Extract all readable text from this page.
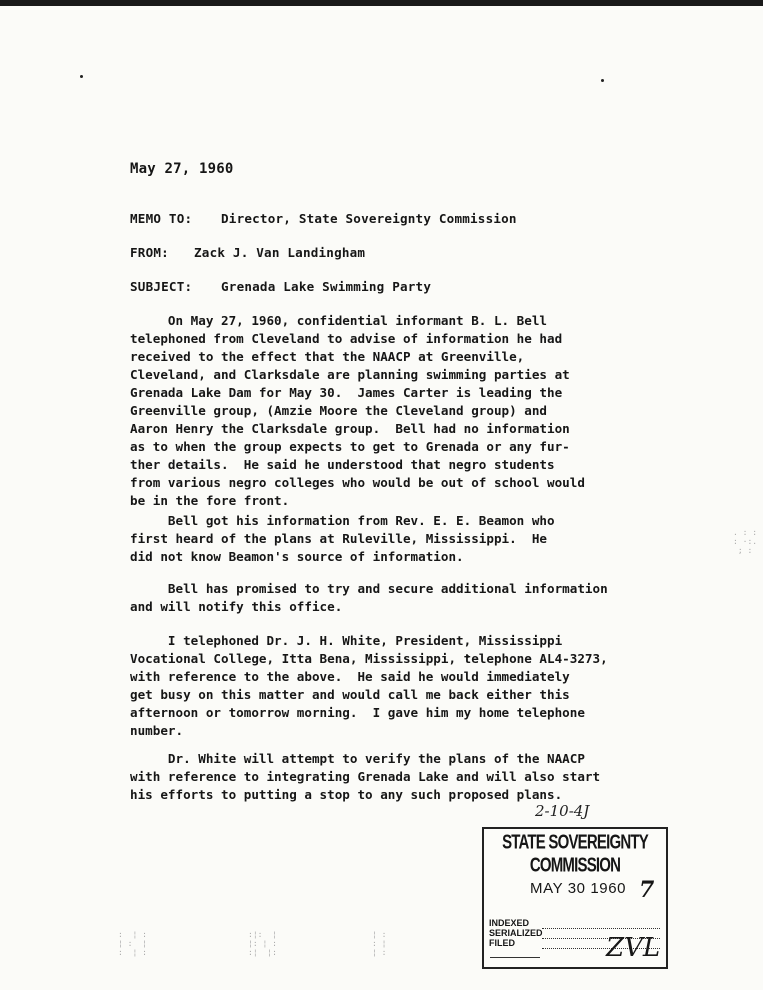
May 27, 1960
MEMO TO: Director, State Sovereignty Commission
FROM: Zack J. Van Landingham
SUBJECT: Grenada Lake Swimming Party
On May 27, 1960, confidential informant B. L. Bell
telephoned from Cleveland to advise of information he had
received to the effect that the NAACP at Greenville,
Cleveland, and Clarksdale are planning swimming parties at
Grenada Lake Dam for May 30.  James Carter is leading the
Greenville group, (Amzie Moore the Cleveland group) and
Aaron Henry the Clarksdale group.  Bell had no information
as to when the group expects to get to Grenada or any fur-
ther details.  He said he understood that negro students
from various negro colleges who would be out of school would
be in the fore front.
Bell got his information from Rev. E. E. Beamon who
first heard of the plans at Ruleville, Mississippi.  He
did not know Beamon's source of information.
Bell has promised to try and secure additional information
and will notify this office.
I telephoned Dr. J. H. White, President, Mississippi
Vocational College, Itta Bena, Mississippi, telephone AL4-3273,
with reference to the above.  He said he would immediately
get busy on this matter and would call me back either this
afternoon or tomorrow morning.  I gave him my home telephone
number.
Dr. White will attempt to verify the plans of the NAACP
with reference to integrating Grenada Lake and will also start
his efforts to putting a stop to any such proposed plans.
2-10-4J
STATE SOVEREIGNTY COMMISSION
MAY 30 1960 7
INDEXED
SERIALIZED
FILED	ZVL
. : :
: ·:.
; :
:  ¦ :
¦ :  ¦
:  ¦ :
:¦:  ¦
¦: ¦ :
:¦  ¦:
¦ :
: ¦
¦ :
